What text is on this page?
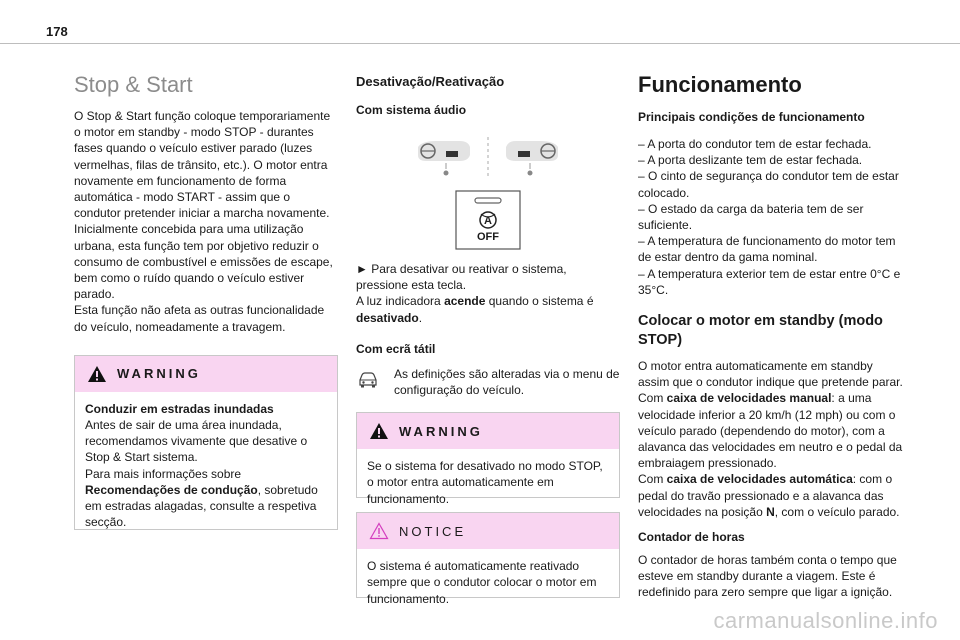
178
Stop & Start

O Stop & Start função coloque temporariamente o motor em standby - modo STOP - durantes fases quando o veículo estiver parado (luzes vermelhas, filas de trânsito, etc.). O motor entra novamente em funcionamento de forma automática - modo START - assim que o condutor pretender iniciar a marcha novamente. Inicialmente concebida para uma utilização urbana, esta função tem por objetivo reduzir o consumo de combustível e emissões de escape, bem como o ruído quando o veículo estiver parado.

Esta função não afeta as outras funcionalidade do veículo, nomeadamente a travagem.

WARNING
Conduzir em estradas inundadas
Antes de sair de uma área inundada, recomendamos vivamente que desative o Stop & Start sistema.
Para mais informações sobre
Recomendações de condução, sobretudo em estradas alagadas, consulte a respetiva secção.
Desativação/Reativação
Com sistema áudio
A
OFF

► Para desativar ou reativar o sistema, pressione esta tecla.

A luz indicadora acende quando o sistema é desativado.

Com ecrã tátil

As definições são alteradas via o menu de configuração do veículo.

WARNING
Se o sistema for desativado no modo STOP, o motor entra automaticamente em funcionamento.
NOTICE
O sistema é automaticamente reativado sempre que o condutor colocar o motor em funcionamento.
Funcionamento
Principais condições de funcionamento
– A porta do condutor tem de estar fechada.
– A porta deslizante tem de estar fechada.
– O cinto de segurança do condutor tem de estar colocado.
– O estado da carga da bateria tem de ser suficiente.
– A temperatura de funcionamento do motor tem de estar dentro da gama nominal.
– A temperatura exterior tem de estar entre 0°C e 35°C.
Colocar o motor em standby (modo STOP)

O motor entra automaticamente em standby assim que o condutor indique que pretende parar.

Com caixa de velocidades manual: a uma velocidade inferior a 20 km/h (12 mph) ou com o veículo parado (dependendo do motor), com a alavanca das velocidades em neutro e o pedal da embraiagem pressionado.

Com caixa de velocidades automática: com o pedal do travão pressionado e a alavanca das velocidades na posição N, com o veículo parado.

Contador de horas

O contador de horas também conta o tempo que esteve em standby durante a viagem. Este é redefinido para zero sempre que ligar a ignição.

carmanualsonline.info
